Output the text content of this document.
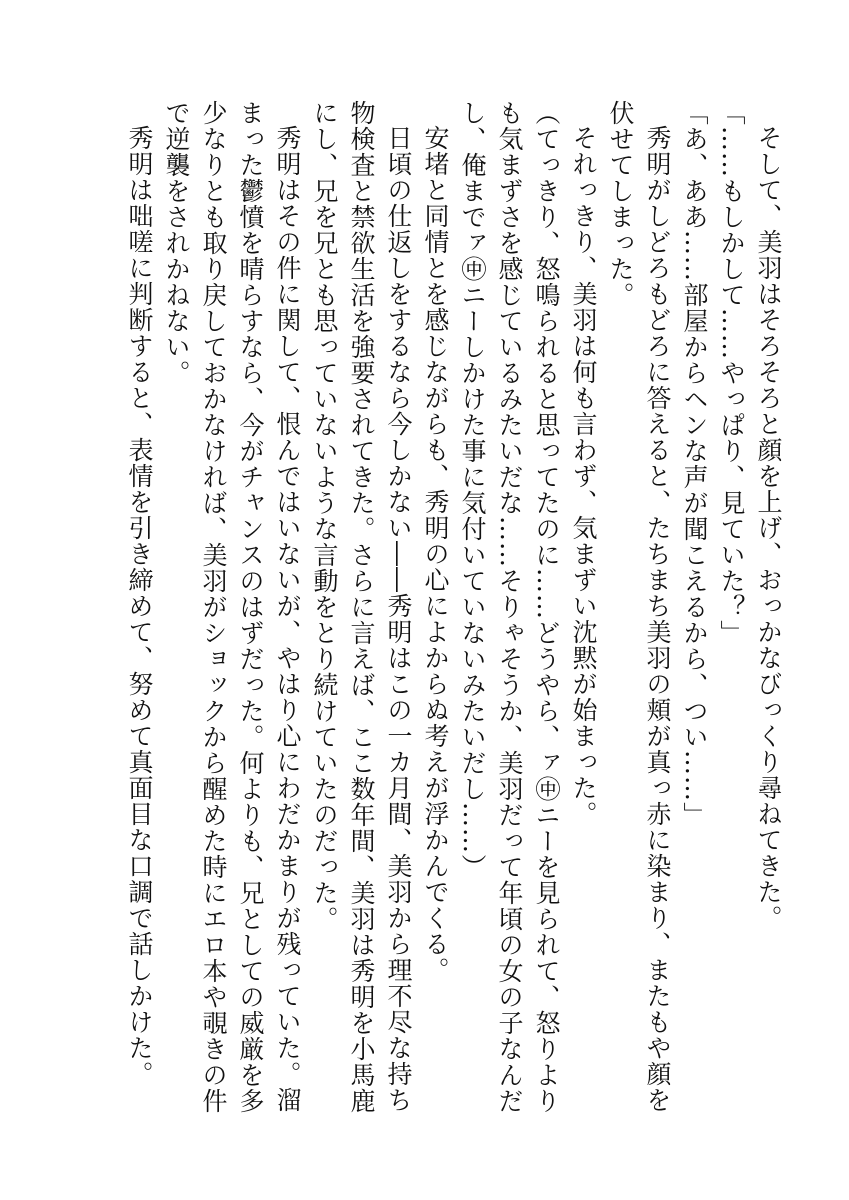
そして、美羽はそろそろと顔を上げ、おっかなびっくり尋ねてきた。

「……もしかして……やっぱり、見ていた？」

「あ、ああ……部屋からヘンな声が聞こえるから、つい……」

秀明がしどろもどろに答えると、たちまち美羽の頬が真っ赤に染まり、またもや顔を伏せてしまった。

それっきり、美羽は何も言わず、気まずい沈黙が始まった。

（てっきり、怒鳴られると思ってたのに……どうやら、ァ㊥ニーを見られて、怒りよりも気まずさを感じているみたいだな……そりゃそうか、美羽だって年頃の女の子なんだし、俺までァ㊥ニーしかけた事に気付いていないみたいだし……）

安堵と同情とを感じながらも、秀明の心によからぬ考えが浮かんでくる。

日頃の仕返しをするなら今しかない――秀明はこの一カ月間、美羽から理不尽な持ち物検査と禁欲生活を強要されてきた。さらに言えば、ここ数年間、美羽は秀明を小馬鹿にし、兄を兄とも思っていないような言動をとり続けていたのだった。

秀明はその件に関して、恨んではいないが、やはり心にわだかまりが残っていた。溜まった鬱憤を晴らすなら、今がチャンスのはずだった。何よりも、兄としての威厳を多少なりとも取り戻しておかなければ、美羽がショックから醒めた時にエロ本や覗きの件で逆襲をされかねない。

秀明は咄嗟に判断すると、表情を引き締めて、努めて真面目な口調で話しかけた。
